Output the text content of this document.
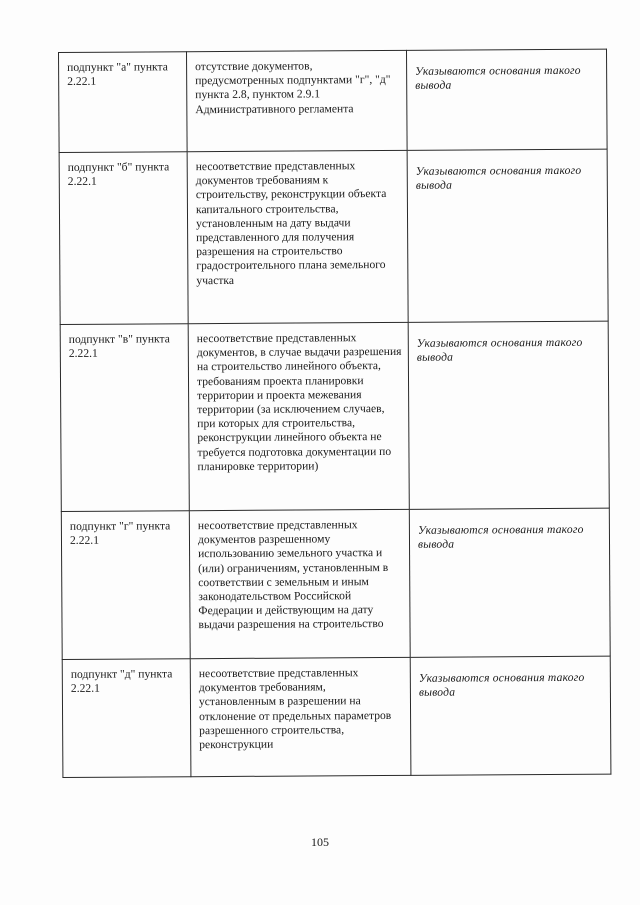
подпункт "а" пункта 2.22.1	отсутствие документов, предусмотренных подпунктами "г", "д" пункта 2.8, пунктом 2.9.1 Административного регламента	Указываются основания такого вывода
подпункт "б" пункта 2.22.1	несоответствие представленных документов требованиям к строительству, реконструкции объекта капитального строительства, установленным на дату выдачи представленного для получения разрешения на строительство градостроительного плана земельного участка	Указываются основания такого вывода
подпункт "в" пункта 2.22.1	несоответствие представленных документов, в случае выдачи разрешения на строительство линейного объекта, требованиям проекта планировки территории и проекта межевания территории (за исключением случаев, при которых для строительства, реконструкции линейного объекта не требуется подготовка документации по планировке территории)	Указываются основания такого вывода
подпункт "г" пункта 2.22.1	несоответствие представленных документов разрешенному использованию земельного участка и (или) ограничениям, установленным в соответствии с земельным и иным законодательством Российской Федерации и действующим на дату выдачи разрешения на строительство	Указываются основания такого вывода
подпункт "д" пункта 2.22.1	несоответствие представленных документов требованиям, установленным в разрешении на отклонение от предельных параметров разрешенного строительства, реконструкции	Указываются основания такого вывода
105
